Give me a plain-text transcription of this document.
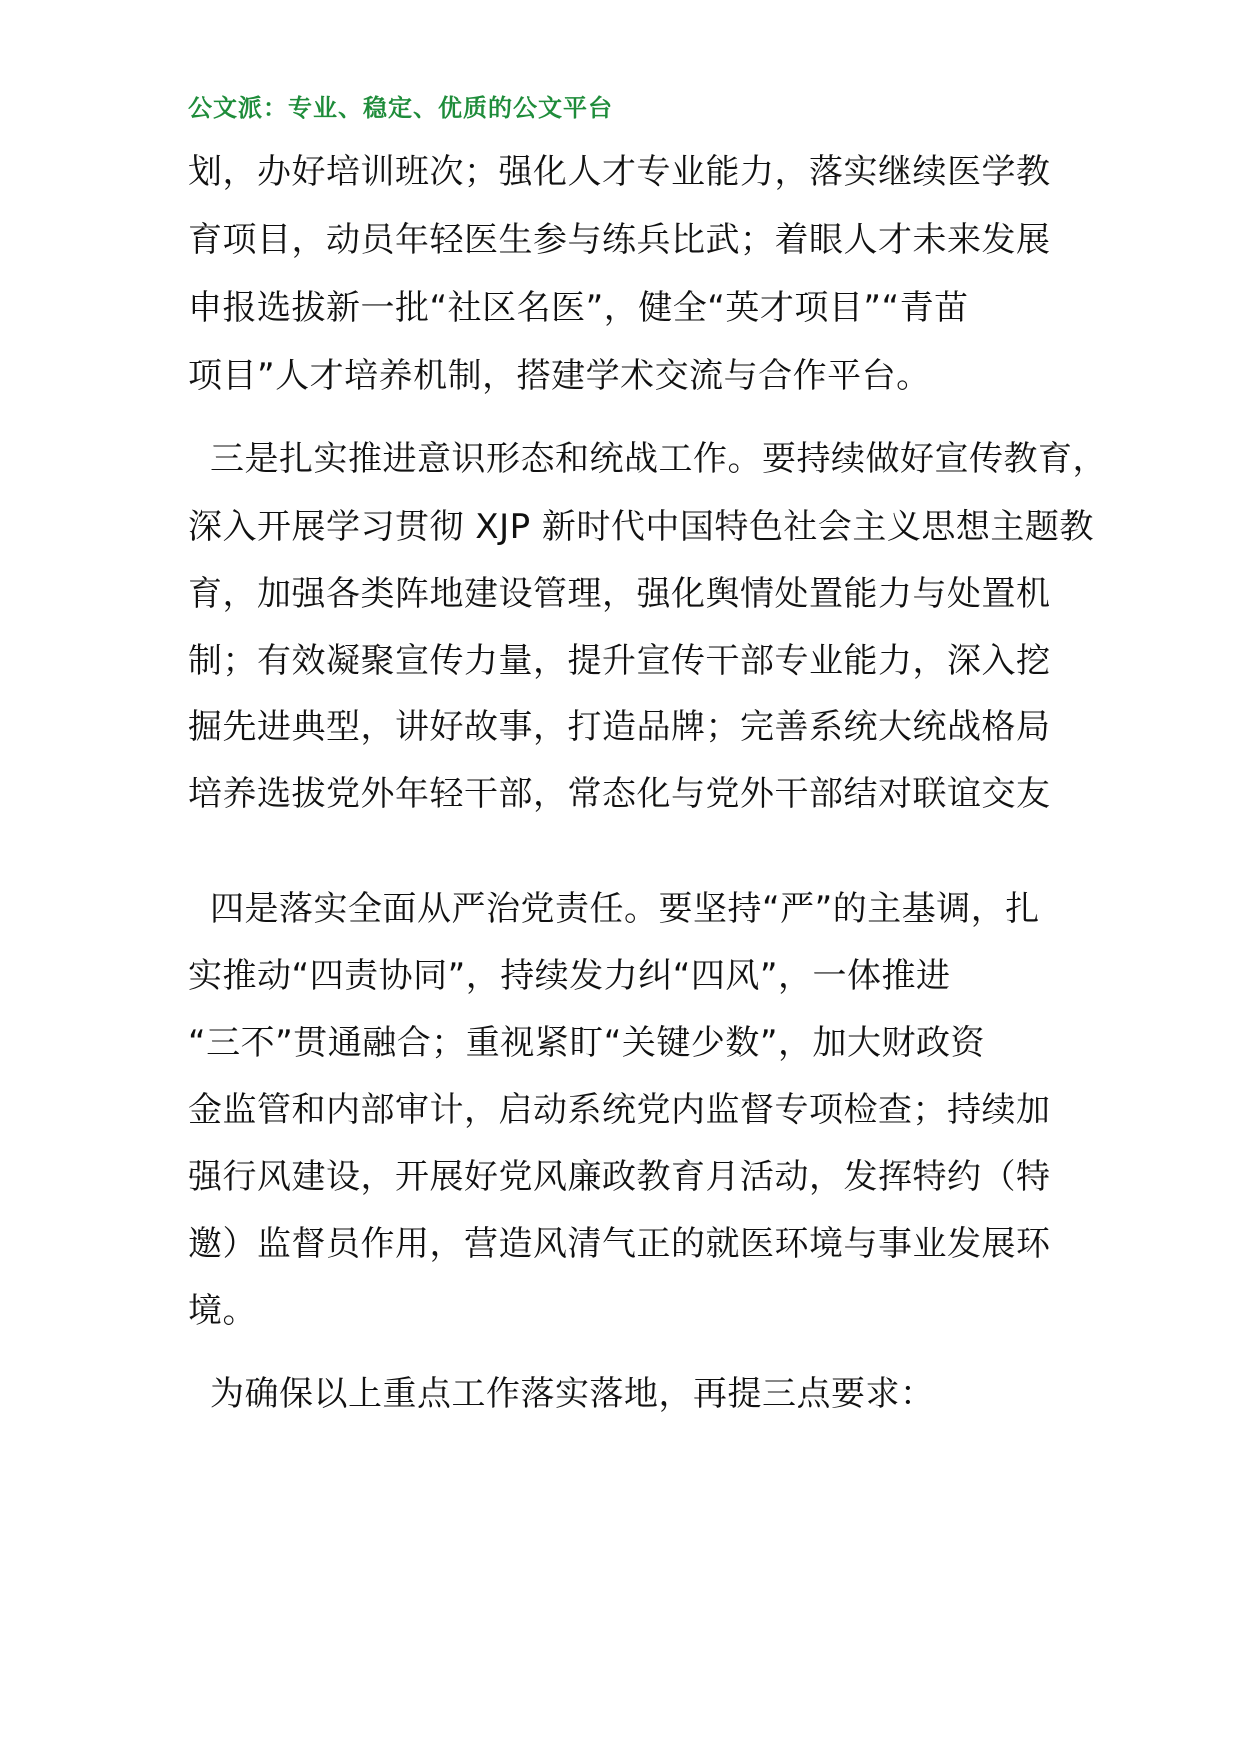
公文派：专业、稳定、优质的公文平台
划，办好培训班次；强化人才专业能力，落实继续医学教
育项目，动员年轻医生参与练兵比武；着眼人才未来发展
申报选拔新一批“社区名医”，健全“英才项目”“青苗
项目”人才培养机制，搭建学术交流与合作平台。
三是扎实推进意识形态和统战工作。要持续做好宣传教育，
深入开展学习贯彻 XJP 新时代中国特色社会主义思想主题教
育，加强各类阵地建设管理，强化舆情处置能力与处置机
制；有效凝聚宣传力量，提升宣传干部专业能力，深入挖
掘先进典型，讲好故事，打造品牌；完善系统大统战格局
培养选拔党外年轻干部，常态化与党外干部结对联谊交友
四是落实全面从严治党责任。要坚持“严”的主基调，扎
实推动“四责协同”，持续发力纠“四风”，一体推进
“三不”贯通融合；重视紧盯“关键少数”，加大财政资
金监管和内部审计，启动系统党内监督专项检查；持续加
强行风建设，开展好党风廉政教育月活动，发挥特约（特
邀）监督员作用，营造风清气正的就医环境与事业发展环
境。
为确保以上重点工作落实落地，再提三点要求：
